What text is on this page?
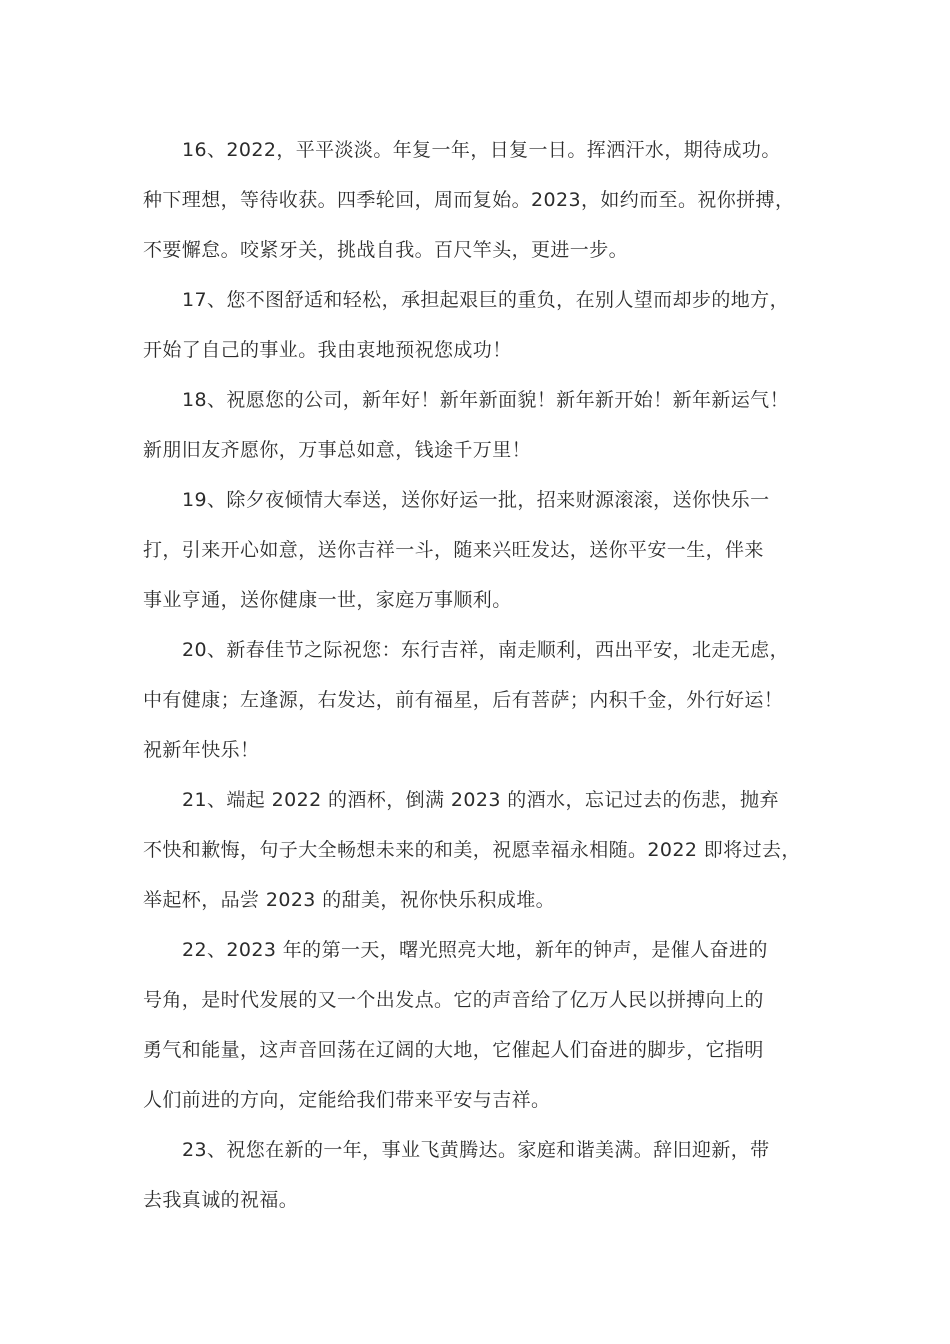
16、2022，平平淡淡。年复一年，日复一日。挥洒汗水，期待成功。
种下理想，等待收获。四季轮回，周而复始。2023，如约而至。祝你拼搏，
不要懈怠。咬紧牙关，挑战自我。百尺竿头，更进一步。
17、您不图舒适和轻松，承担起艰巨的重负，在别人望而却步的地方，
开始了自己的事业。我由衷地预祝您成功！
18、祝愿您的公司，新年好！新年新面貌！新年新开始！新年新运气！
新朋旧友齐愿你，万事总如意，钱途千万里！
19、除夕夜倾情大奉送，送你好运一批，招来财源滚滚，送你快乐一
打，引来开心如意，送你吉祥一斗，随来兴旺发达，送你平安一生，伴来
事业亨通，送你健康一世，家庭万事顺利。
20、新春佳节之际祝您：东行吉祥，南走顺利，西出平安，北走无虑，
中有健康；左逢源，右发达，前有福星，后有菩萨；内积千金，外行好运！
祝新年快乐！
21、端起 2022 的酒杯，倒满 2023 的酒水，忘记过去的伤悲，抛弃
不快和歉悔，句子大全畅想未来的和美，祝愿幸福永相随。2022 即将过去，
举起杯，品尝 2023 的甜美，祝你快乐积成堆。
22、2023 年的第一天，曙光照亮大地，新年的钟声，是催人奋进的
号角，是时代发展的又一个出发点。它的声音给了亿万人民以拼搏向上的
勇气和能量，这声音回荡在辽阔的大地，它催起人们奋进的脚步，它指明
人们前进的方向，定能给我们带来平安与吉祥。
23、祝您在新的一年，事业飞黄腾达。家庭和谐美满。辞旧迎新，带
去我真诚的祝福。
